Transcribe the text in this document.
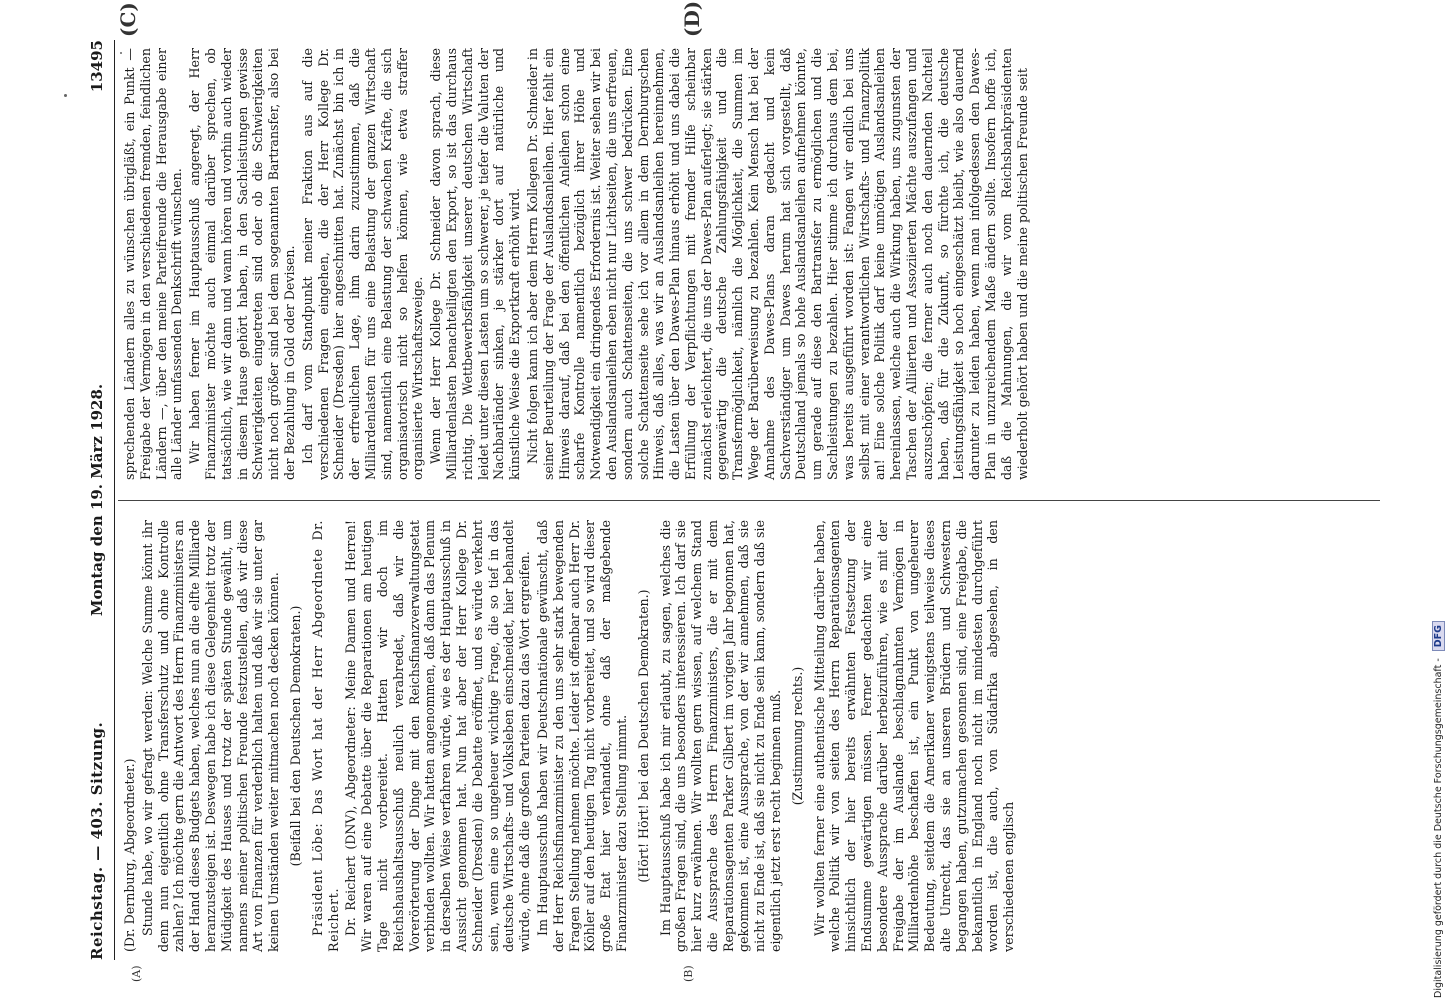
Reichstag. — 403. Sitzung.
Montag den 19. März 1928.
13495
(A)	(B)
(C)	(D)

(Dr. Dernburg, Abgeordneter.) Stunde habe, wo wir gefragt werden: Welche Summe könnt ihr denn nun eigentlich ohne Transferschutz und ohne Kontrolle zahlen? Ich möchte gern die Antwort des Herrn Finanzministers an der Hand dieses Budgets haben, welches nun an die elfte Milliarde heranzusteigen ist. Deswegen habe ich diese Gelegenheit trotz der Müdigkeit des Hauses und trotz der späten Stunde gewählt, um namens meiner politischen Freunde festzustellen, daß wir diese Art von Finanzen für verderblich halten und daß wir sie unter gar keinen Umständen weiter mitmachen noch decken können. (Beifall bei den Deutschen Demokraten.) Präsident Löbe: Das Wort hat der Herr Abgeordnete Dr. Reichert. Dr. Reichert (DNV), Abgeordneter: Meine Damen und Herren! Wir waren auf eine Debatte über die Reparationen am heutigen Tage nicht vorbereitet. Hatten wir doch im Reichshaushaltsausschuß neulich verabredet, daß wir die Vorerörterung der Dinge mit den Reichsfinanzverwaltungsetat verbinden wollten. Wir hatten angenommen, daß dann das Plenum in derselben Weise verfahren würde, wie es der Hauptausschuß in Aussicht genommen hat. Nun hat aber der Herr Kollege Dr. Schneider (Dresden) die Debatte eröffnet, und es würde verkehrt sein, wenn eine so ungeheuer wichtige Frage, die so tief in das deutsche Wirtschafts- und Volksleben einschneidet, hier behandelt würde, ohne daß die großen Parteien dazu das Wort ergreifen. Im Hauptausschuß haben wir Deutschnationale gewünscht, daß der Herr Reichsfinanzminister zu den uns sehr stark bewegenden Fragen Stellung nehmen möchte. Leider ist offenbar auch Herr Dr. Köhler auf den heutigen Tag nicht vorbereitet, und so wird dieser große Etat hier verhandelt, ohne daß der maßgebende Finanzminister dazu Stellung nimmt. (Hört! Hört! bei den Deutschen Demokraten.) Im Hauptausschuß habe ich mir erlaubt, zu sagen, welches die großen Fragen sind, die uns besonders interessieren. Ich darf sie hier kurz erwähnen. Wir wollten gern wissen, auf welchem Stand die Aussprache des Herrn Finanzministers, die er mit dem Reparationsagenten Parker Gilbert im vorigen Jahr begonnen hat, gekommen ist, eine Aussprache, von der wir annehmen, daß sie nicht zu Ende ist, daß sie nicht zu Ende sein kann, sondern daß sie eigentlich jetzt erst recht beginnen muß. (Zustimmung rechts.) Wir wollten ferner eine authentische Mitteilung darüber haben, welche Politik wir von seiten des Herrn Reparationsagenten hinsichtlich der hier bereits erwähnten Festsetzung der Endsumme gewärtigen müssen. Ferner gedachten wir eine besondere Aussprache darüber herbeizuführen, wie es mit der Freigabe der im Auslande beschlagnahmten Vermögen in Milliardenhöhe beschaffen ist, ein Punkt von ungeheurer Bedeutung, seitdem die Amerikaner wenigstens teilweise dieses alte Unrecht, das sie an unseren Brüdern und Schwestern begangen haben, gutzumachen gesonnen sind, eine Freigabe, die bekanntlich in England noch nicht im mindesten durchgeführt worden ist, die auch, von Südafrika abgesehen, in den verschiedenen englisch

sprechenden Ländern alles zu wünschen übrigläßt, ein Punkt — Freigabe der Vermögen in den verschiedenen fremden, feindlichen Ländern —, über den meine Parteifreunde die Herausgabe einer alle Länder umfassenden Denkschrift wünschen. Wir haben ferner im Hauptausschuß angeregt, der Herr Finanzminister möchte auch einmal darüber sprechen, ob tatsächlich, wie wir dann und wann hören und vorhin auch wieder in diesem Hause gehört haben, in den Sachleistungen gewisse Schwierigkeiten eingetreten sind oder ob die Schwierigkeiten nicht noch größer sind bei dem sogenannten Bartransfer, also bei der Bezahlung in Gold oder Devisen. Ich darf vom Standpunkt meiner Fraktion aus auf die verschiedenen Fragen eingehen, die der Herr Kollege Dr. Schneider (Dresden) hier angeschnitten hat. Zunächst bin ich in der erfreulichen Lage, ihm darin zuzustimmen, daß die Milliardenlasten für uns eine Belastung der ganzen Wirtschaft sind, namentlich eine Belastung der schwachen Kräfte, die sich organisatorisch nicht so helfen können, wie etwa straffer organisierte Wirtschaftszweige. Wenn der Herr Kollege Dr. Schneider davon sprach, diese Milliardenlasten benachteiligten den Export, so ist das durchaus richtig. Die Wettbewerbsfähigkeit unserer deutschen Wirtschaft leidet unter diesen Lasten um so schwerer, je tiefer die Valuten der Nachbarländer sinken, je stärker dort auf natürliche und künstliche Weise die Exportkraft erhöht wird. Nicht folgen kann ich aber dem Herrn Kollegen Dr. Schneider in seiner Beurteilung der Frage der Auslandsanleihen. Hier fehlt ein Hinweis darauf, daß bei den öffentlichen Anleihen schon eine scharfe Kontrolle namentlich bezüglich ihrer Höhe und Notwendigkeit ein dringendes Erfordernis ist. Weiter sehen wir bei den Auslandsanleihen eben nicht nur Lichtseiten, die uns erfreuen, sondern auch Schattenseiten, die uns schwer bedrücken. Eine solche Schattenseite sehe ich vor allem in dem Dernburgschen Hinweis, daß alles, was wir an Auslandsanleihen hereinnehmen, die Lasten über den Dawes-Plan hinaus erhöht und uns dabei die Erfüllung der Verpflichtungen mit fremder Hilfe scheinbar zunächst erleichtert, die uns der Dawes-Plan auferlegt; sie stärken gegenwärtig die deutsche Zahlungsfähigkeit und die Transfermöglichkeit, nämlich die Möglichkeit, die Summen im Wege der Barüberweisung zu bezahlen. Kein Mensch hat bei der Annahme des Dawes-Plans daran gedacht und kein Sachverständiger um Dawes herum hat sich vorgestellt, daß Deutschland jemals so hohe Auslandsanleihen aufnehmen könnte, um gerade auf diese den Bartransfer zu ermöglichen und die Sachleistungen zu bezahlen. Hier stimme ich durchaus dem bei, was bereits ausgeführt worden ist: Fangen wir endlich bei uns selbst mit einer verantwortlichen Wirtschafts- und Finanzpolitik an! Eine solche Politik darf keine unnötigen Auslandsanleihen hereinlassen, welche auch die Wirkung haben, uns zugunsten der Taschen der Alliierten und Assoziierten Mächte auszufangen und auszuschöpfen; die ferner auch noch den dauernden Nachteil haben, daß für die Zukunft, so fürchte ich, die deutsche Leistungsfähigkeit so hoch eingeschätzt bleibt, wie also dauernd darunter zu leiden haben, wenn man infolgedessen den Dawes-Plan in unzureichendem Maße ändern sollte. Insofern hoffe ich, daß die Mahnungen, die wir vom Reichsbankpräsidenten wiederholt gehört haben und die meine politischen Freunde seit

Digitalisierung gefördert durch die Deutsche Forschungsgemeinschaft - DFG
